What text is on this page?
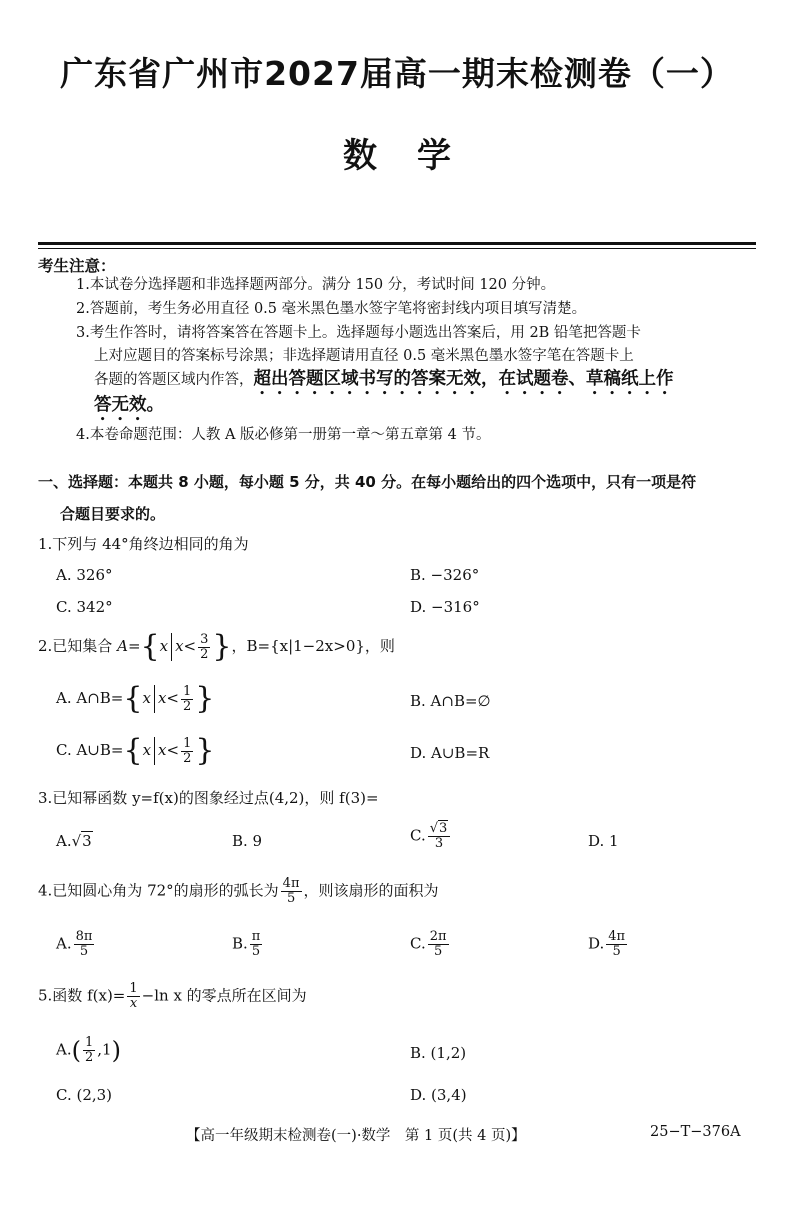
广东省广州市2027届高一期末检测卷（一）
数学
考生注意：
1.本试卷分选择题和非选择题两部分。满分 150 分，考试时间 120 分钟。
2.答题前，考生务必用直径 0.5 毫米黑色墨水签字笔将密封线内项目填写清楚。
3.考生作答时，请将答案答在答题卡上。选择题每小题选出答案后，用 2B 铅笔把答题卡
上对应题目的答案标号涂黑；非选择题请用直径 0.5 毫米黑色墨水签字笔在答题卡上
各题的答题区域内作答，超出答题区域书写的答案无效，在试题卷、草稿纸上作
答无效。
4.本卷命题范围：人教 A 版必修第一册第一章～第五章第 4 节。
一、选择题：本题共 8 小题，每小题 5 分，共 40 分。在每小题给出的四个选项中，只有一项是符
合题目要求的。
1.下列与 44°角终边相同的角为
A. 326°	B. −326°
C. 342°	D. −316°
2.已知集合 A={x $x< \frac{3}{2}$ }，B={x|1−2x>0}，则
A. A∩B={x $x< \frac{1}{2}$ }	B. A∩B=∅
C. A∪B={x $x< \frac{1}{2}$ }	D. A∪B=R
3.已知幂函数 y=f(x)的图象经过点(4,2)，则 f(3)=
A.√3	B. 9	C. $\frac{√3}{3}$	D. 1
4.已知圆心角为 72°的扇形的弧长为 $\frac{4\pi}{5}$ ，则该扇形的面积为
A. $\frac{8\pi}{5}$	B. $\frac{\pi}{5}$	C. $\frac{2\pi}{5}$	D. $\frac{4\pi}{5}$
5.函数 $f(x)= \frac{1}{x} -\ln$ x 的零点所在区间为
$A.( \frac{1}{2} ,1)$	B. (1,2)
C. (2,3)	D. (3,4)
【高一年级期末检测卷(一)·数学　第 1 页(共 4 页)】	25−T−376A
